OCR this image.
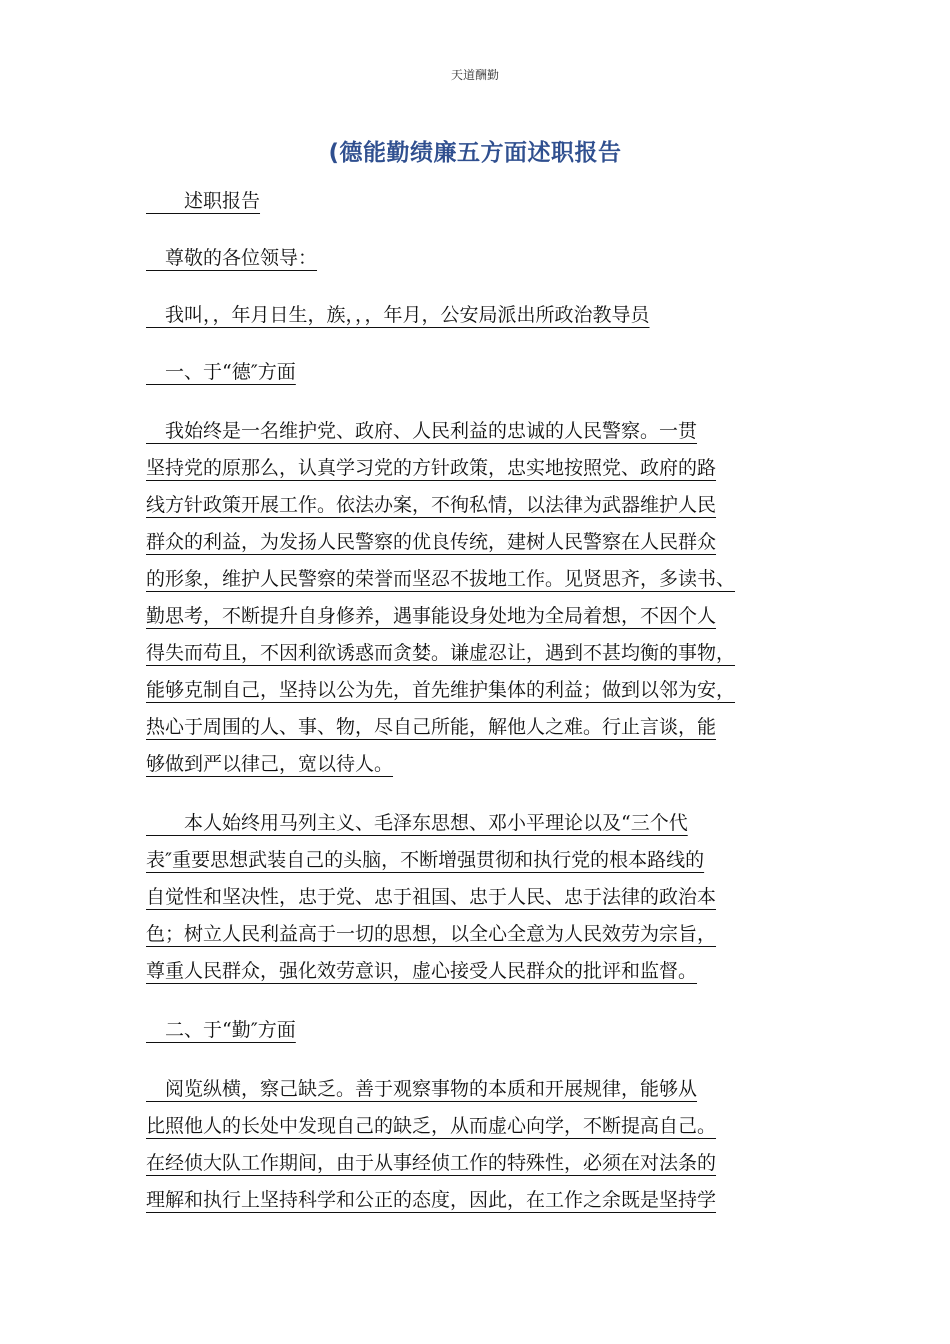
天道酬勤
(德能勤绩廉五方面述职报告
　　述职报告
　尊敬的各位领导：
　我叫，，年月日生，族，，，年月，公安局派出所政治教导员
　一、于“德″方面
　我始终是一名维护党、政府、人民利益的忠诚的人民警察。一贯
坚持党的原那么，认真学习党的方针政策，忠实地按照党、政府的路
线方针政策开展工作。依法办案，不徇私情，以法律为武器维护人民
群众的利益，为发扬人民警察的优良传统，建树人民警察在人民群众
的形象，维护人民警察的荣誉而坚忍不拔地工作。见贤思齐，多读书、
勤思考，不断提升自身修养，遇事能设身处地为全局着想，不因个人
得失而苟且，不因利欲诱惑而贪婪。谦虚忍让，遇到不甚均衡的事物，
能够克制自己，坚持以公为先，首先维护集体的利益；做到以邻为安，
热心于周围的人、事、物，尽自己所能，解他人之难。行止言谈，能
够做到严以律己，宽以待人。
　　本人始终用马列主义、毛泽东思想、邓小平理论以及“三个代
表″重要思想武装自己的头脑，不断增强贯彻和执行党的根本路线的
自觉性和坚决性，忠于党、忠于祖国、忠于人民、忠于法律的政治本
色；树立人民利益高于一切的思想，以全心全意为人民效劳为宗旨，
尊重人民群众，强化效劳意识，虚心接受人民群众的批评和监督。
　二、于“勤″方面
　阅览纵横，察己缺乏。善于观察事物的本质和开展规律，能够从
比照他人的长处中发现自己的缺乏，从而虚心向学，不断提高自己。
在经侦大队工作期间，由于从事经侦工作的特殊性，必须在对法条的
理解和执行上坚持科学和公正的态度，因此，在工作之余既是坚持学
